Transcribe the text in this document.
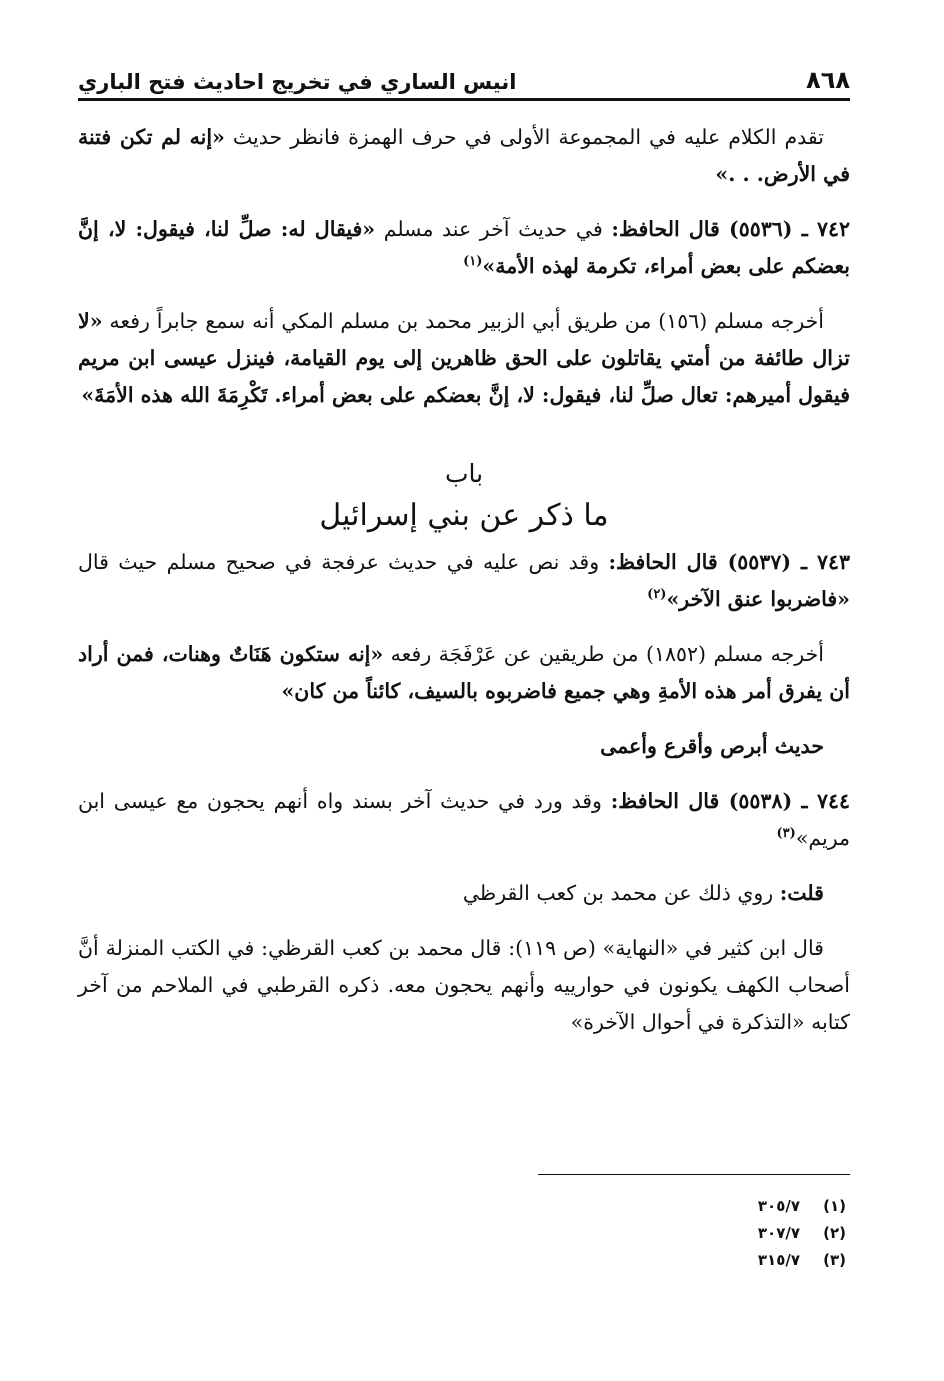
٨٦٨
انيس الساري في تخريج احاديث فتح الباري

تقدم الكلام عليه في المجموعة الأولى في حرف الهمزة فانظر حديث «إنه لم تكن فتنة في الأرض. . .»

٧٤٢ ـ (٥٥٣٦) قال الحافظ: في حديث آخر عند مسلم «فيقال له: صلِّ لنا، فيقول: لا، إنَّ بعضكم على بعض أمراء، تكرمة لهذه الأمة»$^{(١)}$

أخرجه مسلم (١٥٦) من طريق أبي الزبير محمد بن مسلم المكي أنه سمع جابراً رفعه «لا تزال طائفة من أمتي يقاتلون على الحق ظاهرين إلى يوم القيامة، فينزل عيسى ابن مريم فيقول أميرهم: تعال صلِّ لنا، فيقول: لا، إنَّ بعضكم على بعض أمراء. تَكْرِمَةَ الله هذه الأمَةَ»

باب
ما ذكر عن بني إسرائيل

٧٤٣ ـ (٥٥٣٧) قال الحافظ: وقد نص عليه في حديث عرفجة في صحيح مسلم حيث قال «فاضربوا عنق الآخر»$^{(٢)}$

أخرجه مسلم (١٨٥٢) من طريقين عن عَرْفَجَة رفعه «إنه ستكون هَنَاتٌ وهنات، فمن أراد أن يفرق أمر هذه الأمةِ وهي جميع فاضربوه بالسيف، كائناً من كان»

حديث أبرص وأقرع وأعمى

٧٤٤ ـ (٥٥٣٨) قال الحافظ: وقد ورد في حديث آخر بسند واه أنهم يحجون مع عيسى ابن مريم»$^{(٣)}$

قلت: روي ذلك عن محمد بن كعب القرظي

قال ابن كثير في «النهاية» (ص ١١٩): قال محمد بن كعب القرظي: في الكتب المنزلة أنَّ أصحاب الكهف يكونون في حوارييه وأنهم يحجون معه. ذكره القرطبي في الملاحم من آخر كتابه «التذكرة في أحوال الآخرة»

(١)
٣٠٥/٧
(٢)
٣٠٧/٧
(٣)
٣١٥/٧
